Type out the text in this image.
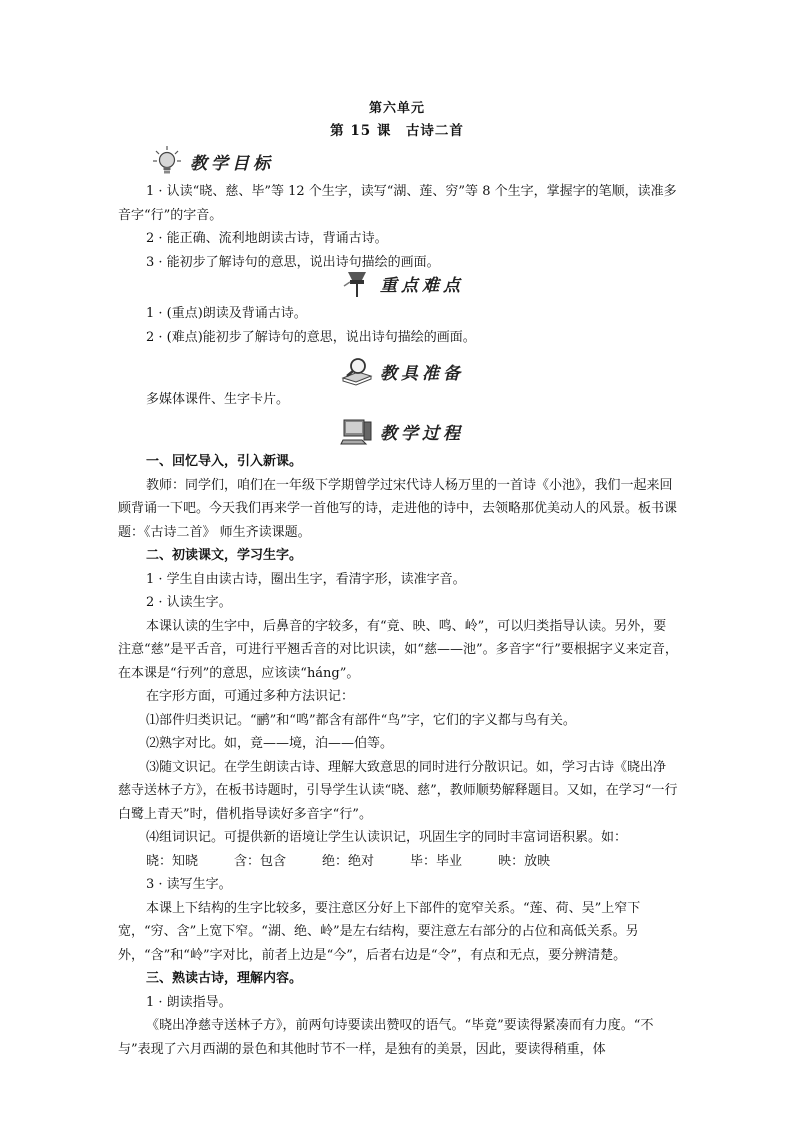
第六单元
第 15 课　古诗二首
教学目标

1 · 认读“晓、慈、毕”等 12 个生字，读写“湖、莲、穷”等 8 个生字，掌握字的笔顺，读准多音字“行”的字音。

2 · 能正确、流利地朗读古诗，背诵古诗。

3 · 能初步了解诗句的意思，说出诗句描绘的画面。

重点难点

1 · (重点)朗读及背诵古诗。

2 · (难点)能初步了解诗句的意思，说出诗句描绘的画面。

教具准备

多媒体课件、生字卡片。

教学过程

一、回忆导入，引入新课。

教师：同学们，咱们在一年级下学期曾学过宋代诗人杨万里的一首诗《小池》，我们一起来回顾背诵一下吧。今天我们再来学一首他写的诗，走进他的诗中，去领略那优美动人的风景。板书课题：《古诗二首》 师生齐读课题。

二、初读课文，学习生字。

1 · 学生自由读古诗，圈出生字，看清字形，读准字音。

2 · 认读生字。

本课认读的生字中，后鼻音的字较多，有“竟、映、鸣、岭”，可以归类指导认读。另外，要注意“慈”是平舌音，可进行平翘舌音的对比识读，如“慈——池”。多音字“行”要根据字义来定音，在本课是“行列”的意思，应该读“háng”。

在字形方面，可通过多种方法识记：

⑴部件归类识记。“鹂”和“鸣”都含有部件“鸟”字，它们的字义都与鸟有关。

⑵熟字对比。如，竟——境，泊——伯等。

⑶随文识记。在学生朗读古诗、理解大致意思的同时进行分散识记。如，学习古诗《晓出净慈寺送林子方》，在板书诗题时，引导学生认读“晓、慈”，教师顺势解释题目。又如，在学习“一行白鹭上青天”时，借机指导读好多音字“行”。

⑷组词识记。可提供新的语境让学生认读识记，巩固生字的同时丰富词语积累。如：

晓：知晓	含：包含	绝：绝对	毕：毕业	映：放映

3 · 读写生字。

本课上下结构的生字比较多，要注意区分好上下部件的宽窄关系。“莲、荷、吴”上窄下宽，“穷、含”上宽下窄。“湖、绝、岭”是左右结构，要注意左右部分的占位和高低关系。另外，“含”和“岭”字对比，前者上边是“今”，后者右边是“令”，有点和无点，要分辨清楚。

三、熟读古诗，理解内容。

1 · 朗读指导。

《晓出净慈寺送林子方》，前两句诗要读出赞叹的语气。“毕竟”要读得紧凑而有力度。“不与”表现了六月西湖的景色和其他时节不一样，是独有的美景，因此，要读得稍重，体
